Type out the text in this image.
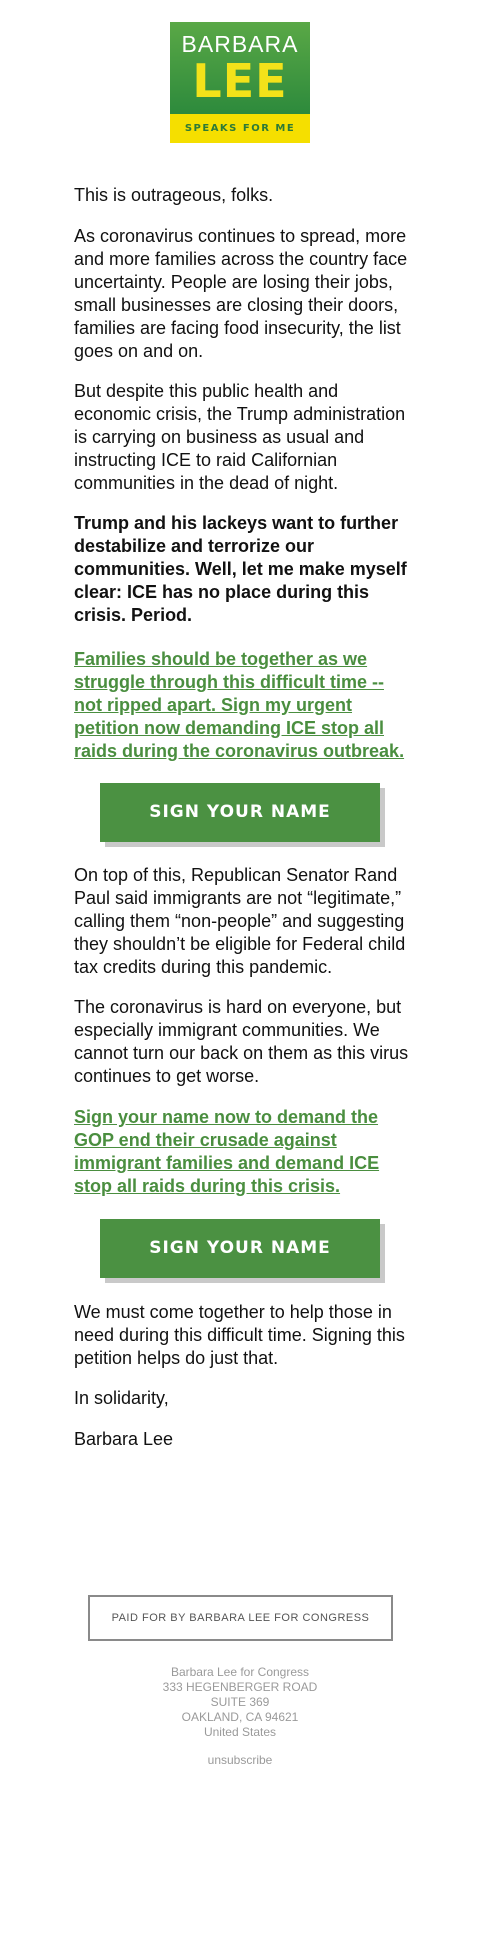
BARBARA
LEE
SPEAKS FOR ME
This is outrageous, folks.
As coronavirus continues to spread, more and more families across the country face uncertainty. People are losing their jobs, small businesses are closing their doors, families are facing food insecurity, the list goes on and on.
But despite this public health and economic crisis, the Trump administration is carrying on business as usual and instructing ICE to raid Californian communities in the dead of night.
Trump and his lackeys want to further destabilize and terrorize our communities. Well, let me make myself clear: ICE has no place during this crisis. Period.
Families should be together as we struggle through this difficult time -- not ripped apart. Sign my urgent petition now demanding ICE stop all raids during the coronavirus outbreak.
SIGN YOUR NAME
On top of this, Republican Senator Rand Paul said immigrants are not “legitimate,” calling them “non-people” and suggesting they shouldn’t be eligible for Federal child tax credits during this pandemic.
The coronavirus is hard on everyone, but especially immigrant communities. We cannot turn our back on them as this virus continues to get worse.
Sign your name now to demand the GOP end their crusade against immigrant families and demand ICE stop all raids during this crisis.
SIGN YOUR NAME
We must come together to help those in need during this difficult time. Signing this petition helps do just that.
In solidarity,
Barbara Lee
PAID FOR BY BARBARA LEE FOR CONGRESS
Barbara Lee for Congress
333 HEGENBERGER ROAD
SUITE 369
OAKLAND, CA 94621
United States
unsubscribe
